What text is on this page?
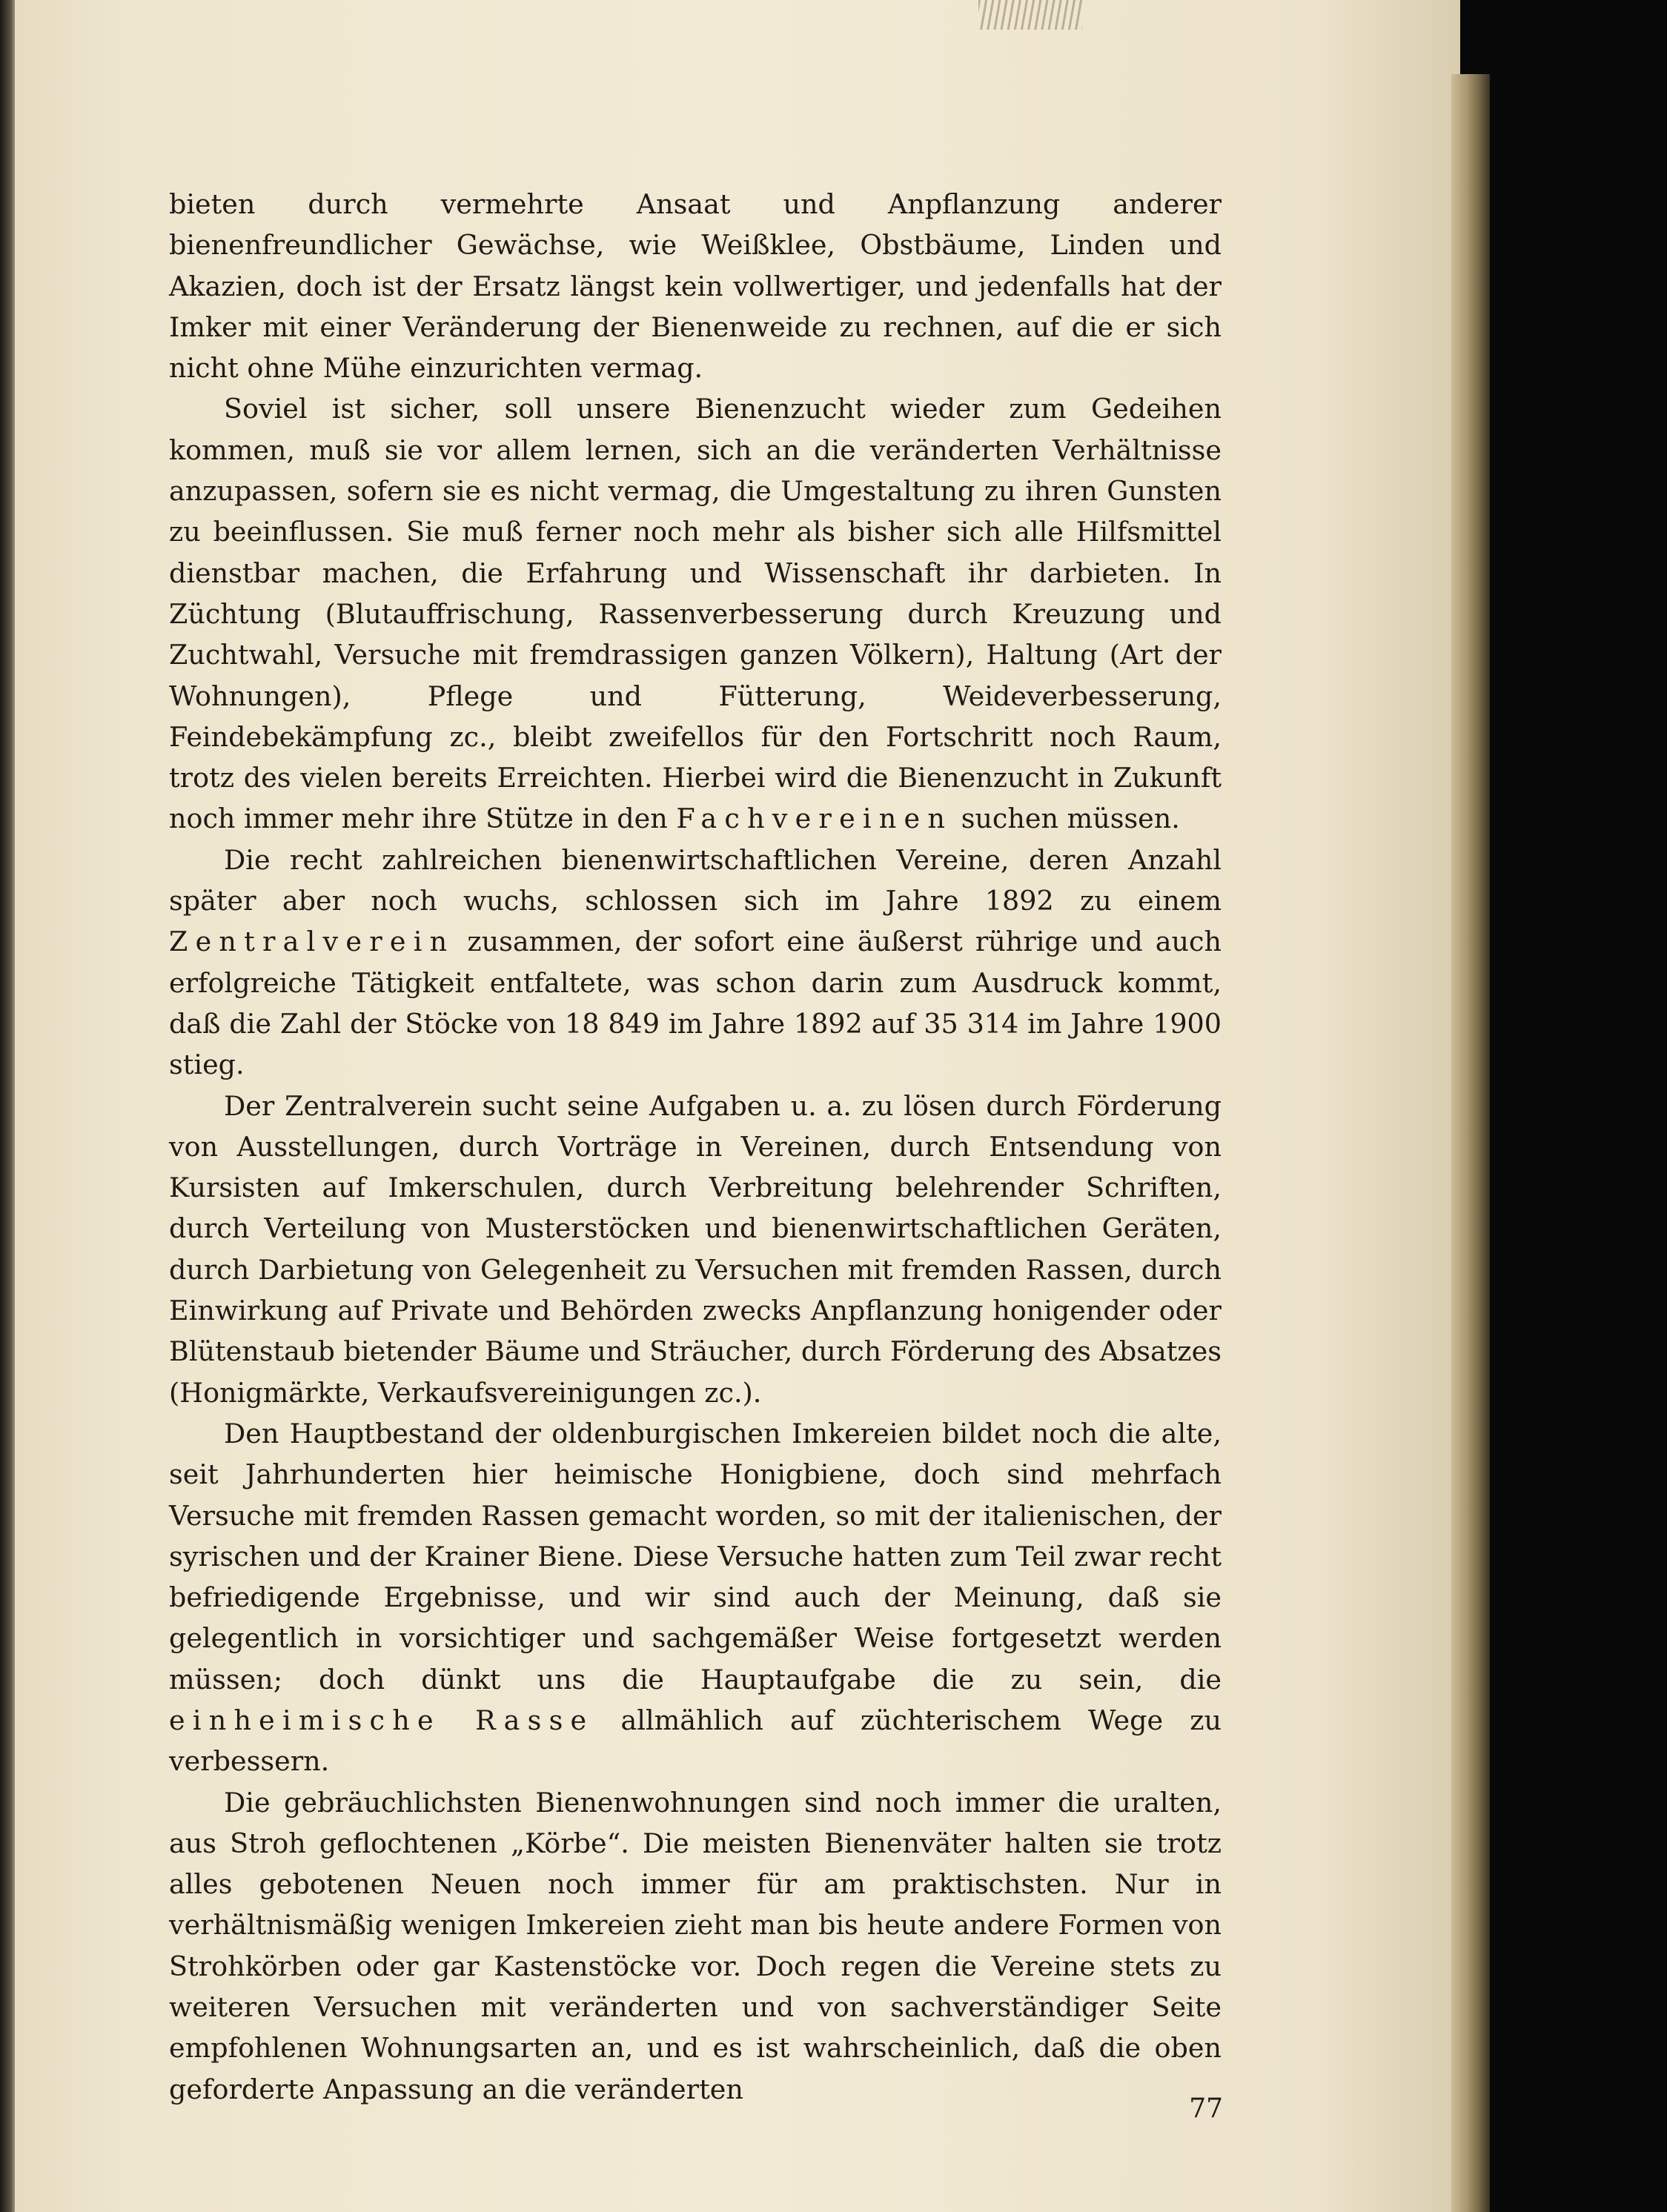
bieten durch vermehrte Ansaat und Anpflanzung anderer bienenfreundlicher Gewächse, wie Weißklee, Obstbäume, Linden und Akazien, doch ist der Ersatz längst kein vollwertiger, und jedenfalls hat der Imker mit einer Veränderung der Bienenweide zu rechnen, auf die er sich nicht ohne Mühe einzurichten vermag.

Soviel ist sicher, soll unsere Bienenzucht wieder zum Gedeihen kommen, muß sie vor allem lernen, sich an die veränderten Verhältnisse anzupassen, sofern sie es nicht vermag, die Umgestaltung zu ihren Gunsten zu beeinflussen. Sie muß ferner noch mehr als bisher sich alle Hilfsmittel dienstbar machen, die Erfahrung und Wissenschaft ihr darbieten. In Züchtung (Blutauffrischung, Rassenverbesserung durch Kreuzung und Zuchtwahl, Versuche mit fremdrassigen ganzen Völkern), Haltung (Art der Wohnungen), Pflege und Fütterung, Weideverbesserung, Feindebekämpfung zc., bleibt zweifellos für den Fortschritt noch Raum, trotz des vielen bereits Erreichten. Hierbei wird die Bienenzucht in Zukunft noch immer mehr ihre Stütze in den Fachvereinen suchen müssen.

Die recht zahlreichen bienenwirtschaftlichen Vereine, deren Anzahl später aber noch wuchs, schlossen sich im Jahre 1892 zu einem Zentralverein zusammen, der sofort eine äußerst rührige und auch erfolgreiche Tätigkeit entfaltete, was schon darin zum Ausdruck kommt, daß die Zahl der Stöcke von 18 849 im Jahre 1892 auf 35 314 im Jahre 1900 stieg.

Der Zentralverein sucht seine Aufgaben u. a. zu lösen durch Förderung von Ausstellungen, durch Vorträge in Vereinen, durch Entsendung von Kursisten auf Imkerschulen, durch Verbreitung belehrender Schriften, durch Verteilung von Musterstöcken und bienenwirtschaftlichen Geräten, durch Darbietung von Gelegenheit zu Versuchen mit fremden Rassen, durch Einwirkung auf Private und Behörden zwecks Anpflanzung honigender oder Blütenstaub bietender Bäume und Sträucher, durch Förderung des Absatzes (Honigmärkte, Verkaufsvereinigungen zc.).

Den Hauptbestand der oldenburgischen Imkereien bildet noch die alte, seit Jahrhunderten hier heimische Honigbiene, doch sind mehrfach Versuche mit fremden Rassen gemacht worden, so mit der italienischen, der syrischen und der Krainer Biene. Diese Versuche hatten zum Teil zwar recht befriedigende Ergebnisse, und wir sind auch der Meinung, daß sie gelegentlich in vorsichtiger und sachgemäßer Weise fortgesetzt werden müssen; doch dünkt uns die Hauptaufgabe die zu sein, die einheimische Rasse allmählich auf züchterischem Wege zu verbessern.

Die gebräuchlichsten Bienenwohnungen sind noch immer die uralten, aus Stroh geflochtenen „Körbe“. Die meisten Bienenväter halten sie trotz alles gebotenen Neuen noch immer für am praktischsten. Nur in verhältnismäßig wenigen Imkereien zieht man bis heute andere Formen von Strohkörben oder gar Kastenstöcke vor. Doch regen die Vereine stets zu weiteren Versuchen mit veränderten und von sachverständiger Seite empfohlenen Wohnungsarten an, und es ist wahrscheinlich, daß die oben geforderte Anpassung an die veränderten

77
